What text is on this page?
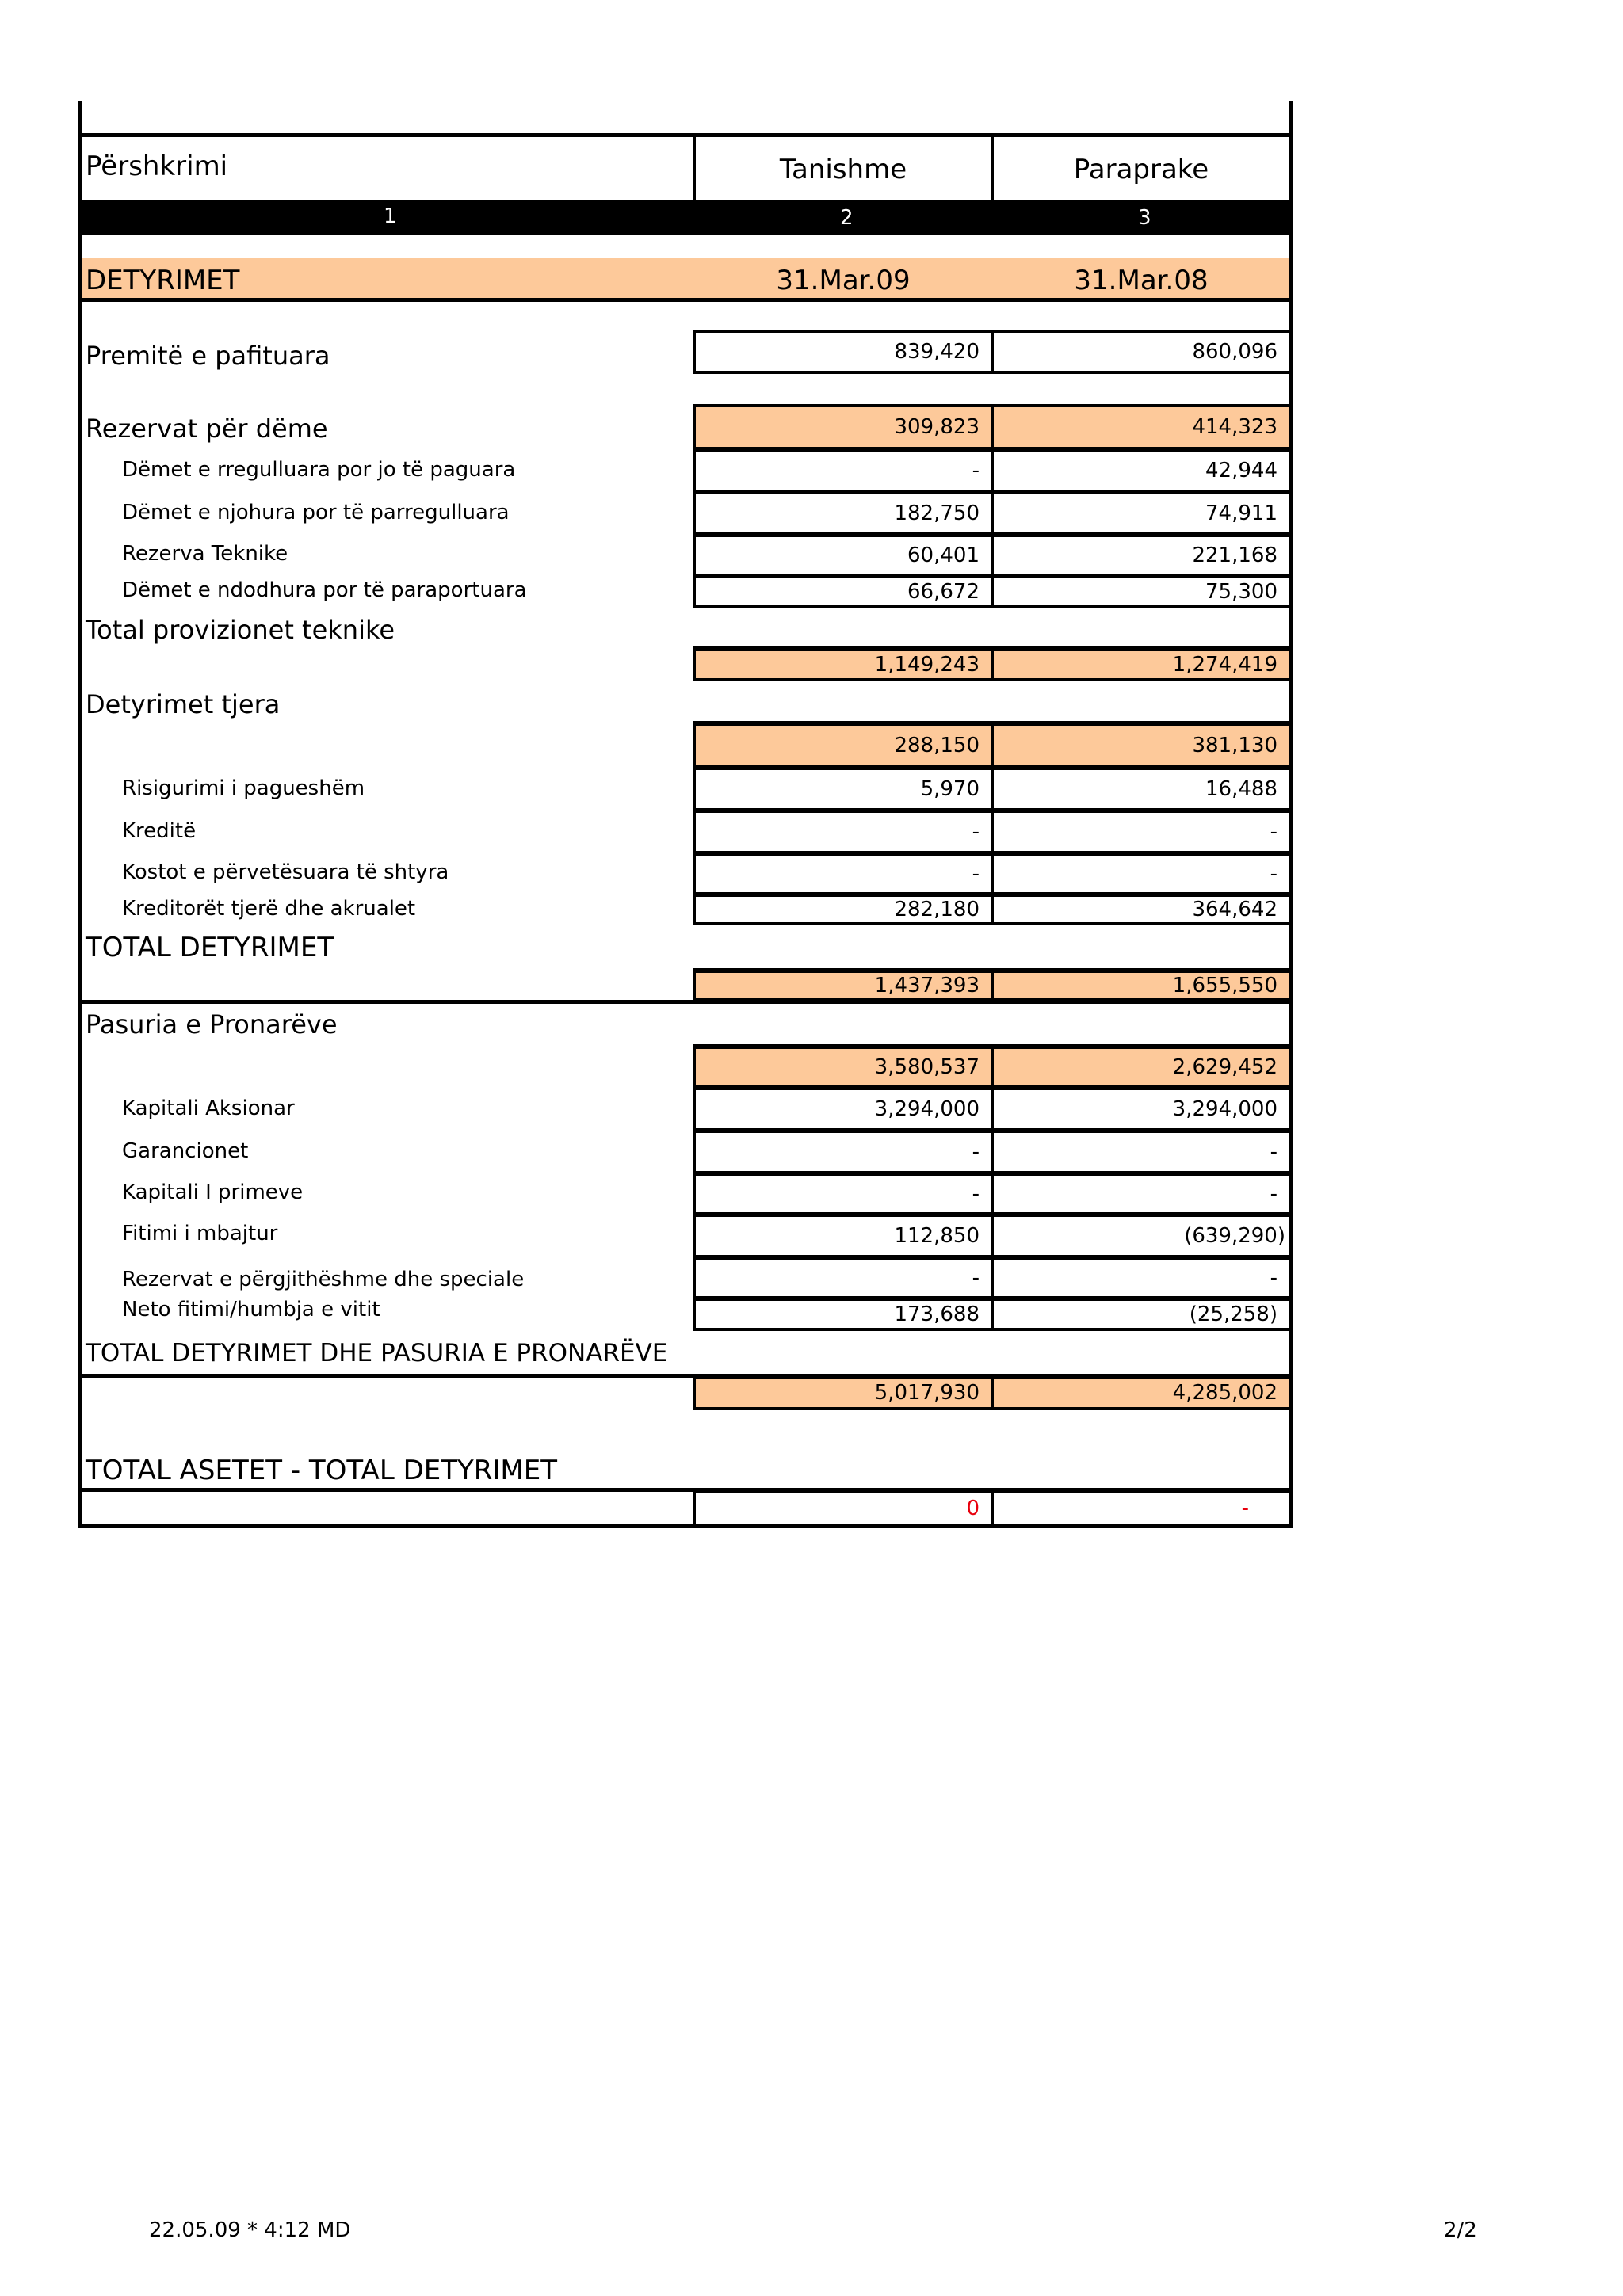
Përshkrimi	Tanishme	Paraprake
1	2	3
DETYRIMET	31.Mar.09	31.Mar.08
Premitë e pafituara	839,420	860,096
Rezervat për dëme	309,823	414,323
Dëmet e rregulluara por jo të paguara	-	42,944
Dëmet e njohura por të parregulluara	182,750	74,911
Rezerva Teknike	60,401	221,168
Dëmet e ndodhura por të paraportuara	66,672	75,300
Total provizionet teknike
1,149,243	1,274,419
Detyrimet tjera
288,150	381,130
Risigurimi i pagueshëm	5,970	16,488
Kreditë	-	-
Kostot e përvetësuara të shtyra	-	-
Kreditorët tjerë dhe akrualet	282,180	364,642
TOTAL DETYRIMET
1,437,393	1,655,550
Pasuria e Pronarëve
3,580,537	2,629,452
Kapitali Aksionar	3,294,000	3,294,000
Garancionet	-	-
Kapitali I primeve	-	-
Fitimi i mbajtur	112,850	(639,290)
Rezervat e përgjithëshme dhe speciale	-	-
Neto fitimi/humbja e vitit	173,688	(25,258)
TOTAL DETYRIMET DHE PASURIA E PRONARËVE
5,017,930	4,285,002
TOTAL ASETET - TOTAL DETYRIMET
0	-
22.05.09 * 4:12 MD	2/2
